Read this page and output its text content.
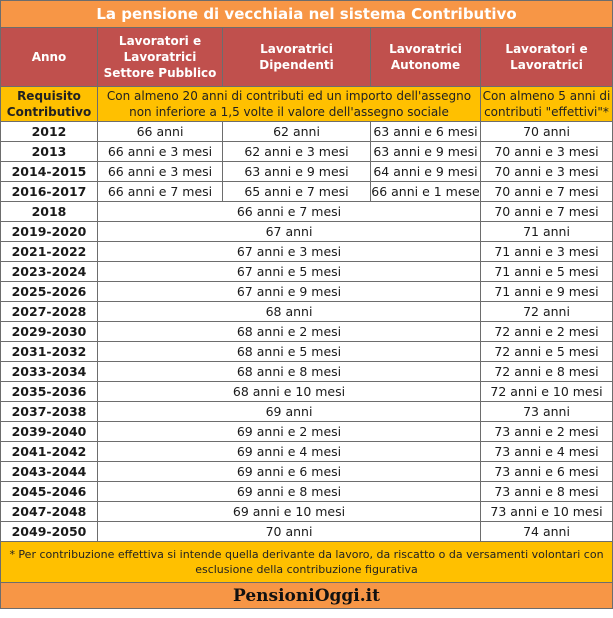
La pensione di vecchiaia nel sistema Contributivo				
Anno	Lavoratori e Lavoratrici Settore Pubblico	Lavoratrici Dipendenti	Lavoratrici Autonome	Lavoratori e Lavoratrici
Requisito Contributivo	Con almeno 20 anni di contributi ed un importo dell'assegno non inferiore a 1,5 volte il valore dell'assegno sociale			Con almeno 5 anni di contributi "effettivi"*
2012	66 anni	62 anni	63 anni e 6 mesi	70 anni
2013	66 anni e 3 mesi	62 anni e 3 mesi	63 anni e 9 mesi	70 anni e 3 mesi
2014-2015	66 anni e 3 mesi	63 anni e 9 mesi	64 anni e 9 mesi	70 anni e 3 mesi
2016-2017	66 anni e 7 mesi	65 anni e 7 mesi	66 anni e 1 mese	70 anni e 7 mesi
2018	66 anni e 7 mesi			70 anni e 7 mesi
2019-2020	67 anni			71 anni
2021-2022	67 anni e 3 mesi			71 anni e 3 mesi
2023-2024	67 anni e 5 mesi			71 anni e 5 mesi
2025-2026	67 anni e 9 mesi			71 anni e 9 mesi
2027-2028	68 anni			72 anni
2029-2030	68 anni e 2 mesi			72 anni e 2 mesi
2031-2032	68 anni e 5 mesi			72 anni e 5 mesi
2033-2034	68 anni e 8 mesi			72 anni e 8 mesi
2035-2036	68 anni e 10 mesi			72 anni e 10 mesi
2037-2038	69 anni			73 anni
2039-2040	69 anni e 2 mesi			73 anni e 2 mesi
2041-2042	69 anni e 4 mesi			73 anni e 4 mesi
2043-2044	69 anni e 6 mesi			73 anni e 6 mesi
2045-2046	69 anni e 8 mesi			73 anni e 8 mesi
2047-2048	69 anni e 10 mesi			73 anni e 10 mesi
2049-2050	70 anni			74 anni
* Per contribuzione effettiva si intende quella derivante da lavoro, da riscatto o da versamenti volontari con esclusione della contribuzione figurativa				
PensioniOggi.it				
